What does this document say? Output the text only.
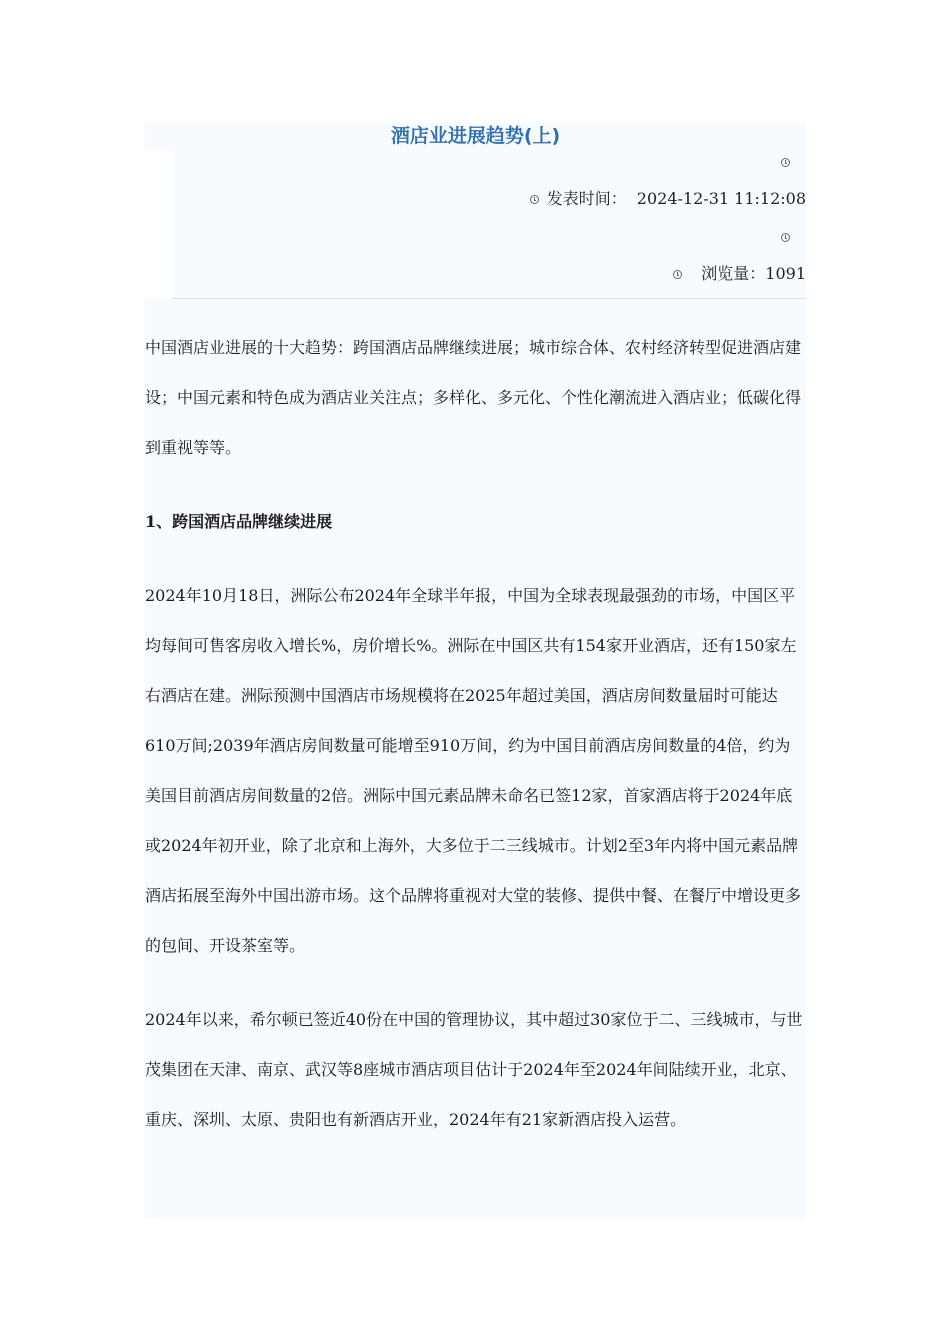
酒店业进展趋势(上)
发表时间： 2024-12-31 11:12:08
浏览量：1091

中国酒店业进展的十大趋势：跨国酒店品牌继续进展；城市综合体、农村经济转型促进酒店建设；中国元素和特色成为酒店业关注点；多样化、多元化、个性化潮流进入酒店业；低碳化得到重视等等。

1、跨国酒店品牌继续进展

2024年10月18日，洲际公布2024年全球半年报，中国为全球表现最强劲的市场，中国区平均每间可售客房收入增长%，房价增长%。洲际在中国区共有154家开业酒店，还有150家左右酒店在建。洲际预测中国酒店市场规模将在2025年超过美国，酒店房间数量届时可能达610万间;2039年酒店房间数量可能增至910万间，约为中国目前酒店房间数量的4倍，约为美国目前酒店房间数量的2倍。洲际中国元素品牌未命名已签12家，首家酒店将于2024年底或2024年初开业，除了北京和上海外，大多位于二三线城市。计划2至3年内将中国元素品牌酒店拓展至海外中国出游市场。这个品牌将重视对大堂的装修、提供中餐、在餐厅中增设更多的包间、开设茶室等。

2024年以来，希尔顿已签近40份在中国的管理协议，其中超过30家位于二、三线城市，与世茂集团在天津、南京、武汉等8座城市酒店项目估计于2024年至2024年间陆续开业，北京、重庆、深圳、太原、贵阳也有新酒店开业，2024年有21家新酒店投入运营。
